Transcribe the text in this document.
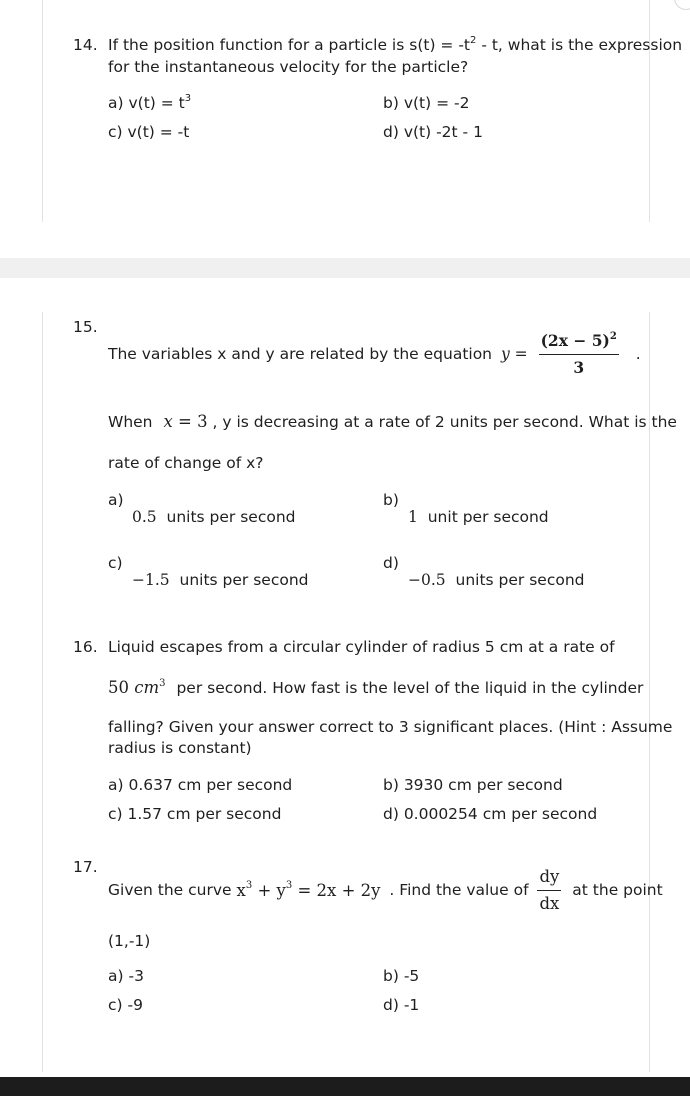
14. If the position function for a particle is $s(t) = -t^2 - t$, what is the expression
for the instantaneous velocity for the particle?
a) $v(t) = t^3$	b) v(t) = -2
c) v(t) = -t	d) v(t) -2t - 1
15.
The variables x and y are related by the equation $y = \frac{(2x - 5)^2}{3}$ .
When x = 3 , y is decreasing at a rate of 2 units per second. What is the
rate of change of x?
a)
0.5 units per second
b)
1 unit per second
c)
−1.5 units per second
d)
−0.5 units per second
16. Liquid escapes from a circular cylinder of radius 5 cm at a rate of
50 $cm^3$ per second. How fast is the level of the liquid in the cylinder
falling? Given your answer correct to 3 significant places. (Hint : Assume
radius is constant)
a) 0.637 cm per second	b) 3930 cm per second
c) 1.57 cm per second	d) 0.000254 cm per second
17.
Given the curve $x^3 + y^3 = 2x + 2y$ . Find the value of $\frac{dy}{dx}$ at the point
(1,-1)
a) -3	b) -5
c) -9	d) -1
